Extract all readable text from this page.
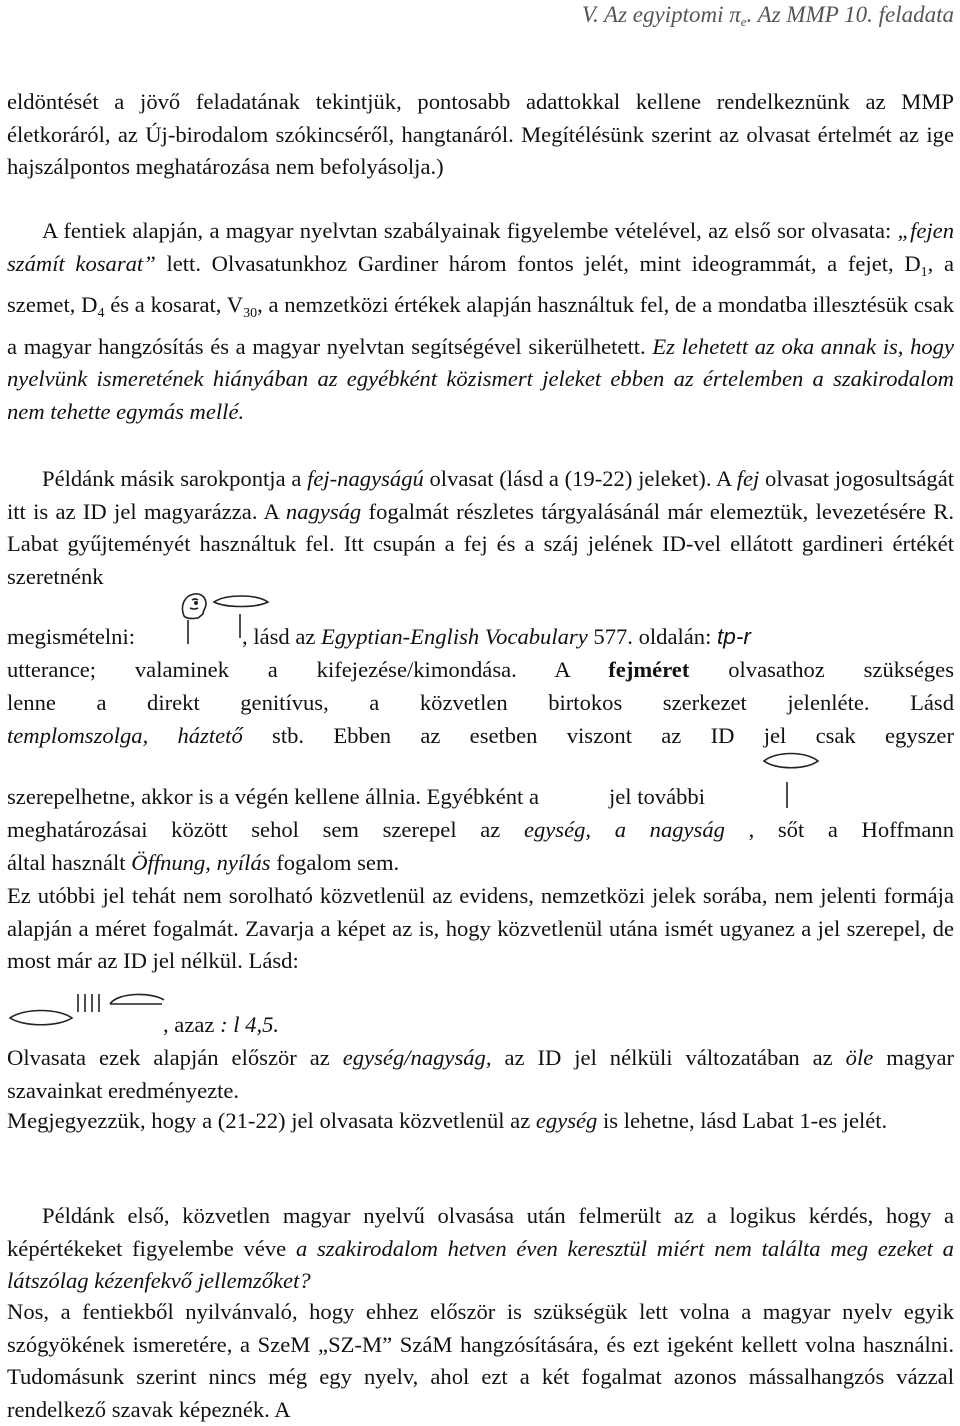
V. Az egyiptomi πe. Az MMP 10. feladata
eldöntését a jövő feladatának tekintjük, pontosabb adattokkal kellene rendelkeznünk az MMP életkoráról, az Új-birodalom szókincséről, hangtanáról. Megítélésünk szerint az olvasat értelmét az ige hajszálpontos meghatározása nem befolyásolja.)
A fentiek alapján, a magyar nyelvtan szabályainak figyelembe vételével, az első sor olvasata: „fejen számít kosarat” lett. Olvasatunkhoz Gardiner három fontos jelét, mint ideogrammát, a fejet, $D_1$, a szemet, $D_4$ és a kosarat, $V_{30}$, a nemzetközi értékek alapján használtuk fel, de a mondatba illesztésük csak a magyar hangzósítás és a magyar nyelvtan segítségével sikerülhetett. Ez lehetett az oka annak is, hogy nyelvünk ismeretének hiányában az egyébként közismert jeleket ebben az értelemben a szakirodalom nem tehette egymás mellé.
Példánk másik sarokpontja a fej-nagyságú olvasat (lásd a (19-22) jeleket). A fej olvasat jogosultságát itt is az ID jel magyarázza. A nagyság fogalmát részletes tárgyalásánál már elemeztük, levezetésére R. Labat gyűjteményét használtuk fel. Itt csupán a fej és a száj jelének ID-vel ellátott gardineri értékét szeretnénk
megismételni:	, lásd az Egyptian-English Vocabulary 577. oldalán: tp-r
utterance; valaminek a kifejezése/kimondása. A fejméret olvasathoz szükséges
lenne a direkt genitívus, a közvetlen birtokos szerkezet jelenléte. Lásd
templomszolga, háztető stb. Ebben az esetben viszont az ID jel csak egyszer
szerepelhetne, akkor is a végén kellene állnia. Egyébként a	jel további
meghatározásai között sehol sem szerepel az egység, a nagyság , sőt a Hoffmann
által használt Öffnung, nyílás fogalom sem.
Ez utóbbi jel tehát nem sorolható közvetlenül az evidens, nemzetközi jelek sorába, nem jelenti formája alapján a méret fogalmát. Zavarja a képet az is, hogy közvetlenül utána ismét ugyanez a jel szerepel, de most már az ID jel nélkül. Lásd:
, azaz : l 4,5.
Olvasata ezek alapján először az egység/nagyság, az ID jel nélküli változatában az öle magyar szavainkat eredményezte.
Megjegyezzük, hogy a (21-22) jel olvasata közvetlenül az egység is lehetne, lásd Labat 1-es jelét.
Példánk első, közvetlen magyar nyelvű olvasása után felmerült az a logikus kérdés, hogy a képértékeket figyelembe véve a szakirodalom hetven éven keresztül miért nem találta meg ezeket a látszólag kézenfekvő jellemzőket?
Nos, a fentiekből nyilvánvaló, hogy ehhez először is szükségük lett volna a magyar nyelv egyik szógyökének ismeretére, a SzeM „SZ-M” SzáM hangzósítására, és ezt igeként kellett volna használni. Tudomásunk szerint nincs még egy nyelv, ahol ezt a két fogalmat azonos mássalhangzós vázzal rendelkező szavak képeznék. A
